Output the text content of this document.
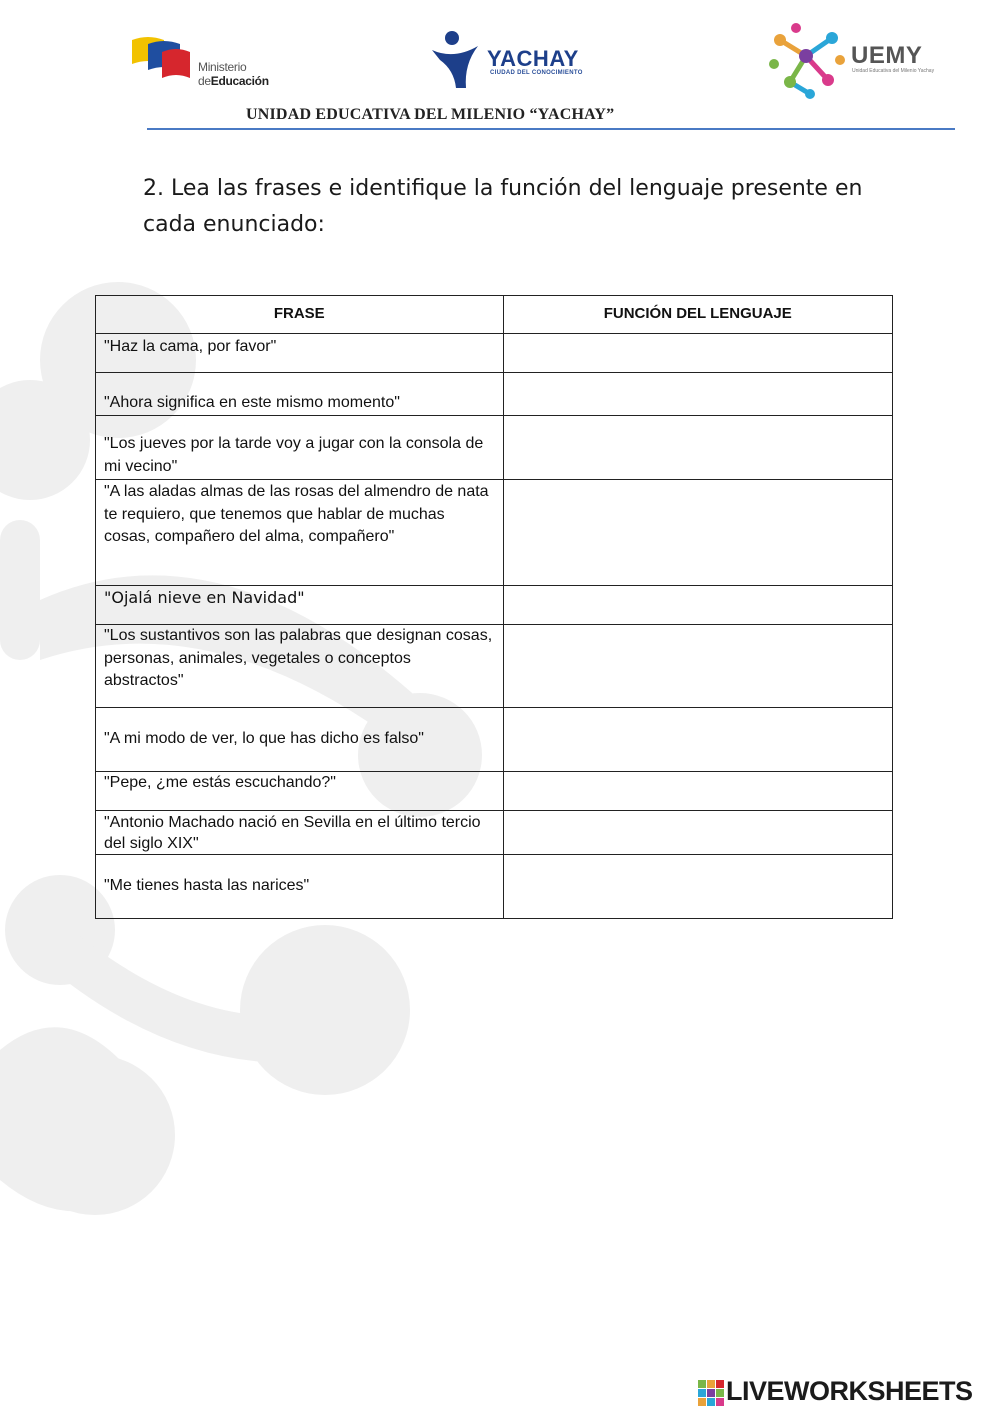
Ministerio
deEducación
YACHAY
CIUDAD DEL CONOCIMIENTO
UEMY
Unidad Educativa del Milenio Yachay
UNIDAD EDUCATIVA DEL MILENIO “YACHAY”
2. Lea las frases e identifique la función del lenguaje presente en cada enunciado:
FRASE	FUNCIÓN DEL LENGUAJE
"Haz la cama, por favor"	
"Ahora significa en este mismo momento"	
"Los jueves por la tarde voy a jugar con la consola de mi vecino"	
"A las aladas almas de las rosas del almendro de nata te requiero, que tenemos que hablar de muchas cosas, compañero del alma, compañero"	
"Ojalá nieve en Navidad"	
"Los sustantivos son las palabras que designan cosas, personas, animales, vegetales o conceptos abstractos"	
"A mi modo de ver, lo que has dicho es falso"	
"Pepe, ¿me estás escuchando?"	
"Antonio Machado nació en Sevilla en el último tercio del siglo XIX"	
"Me tienes hasta las narices"	
LIVEWORKSHEETS
